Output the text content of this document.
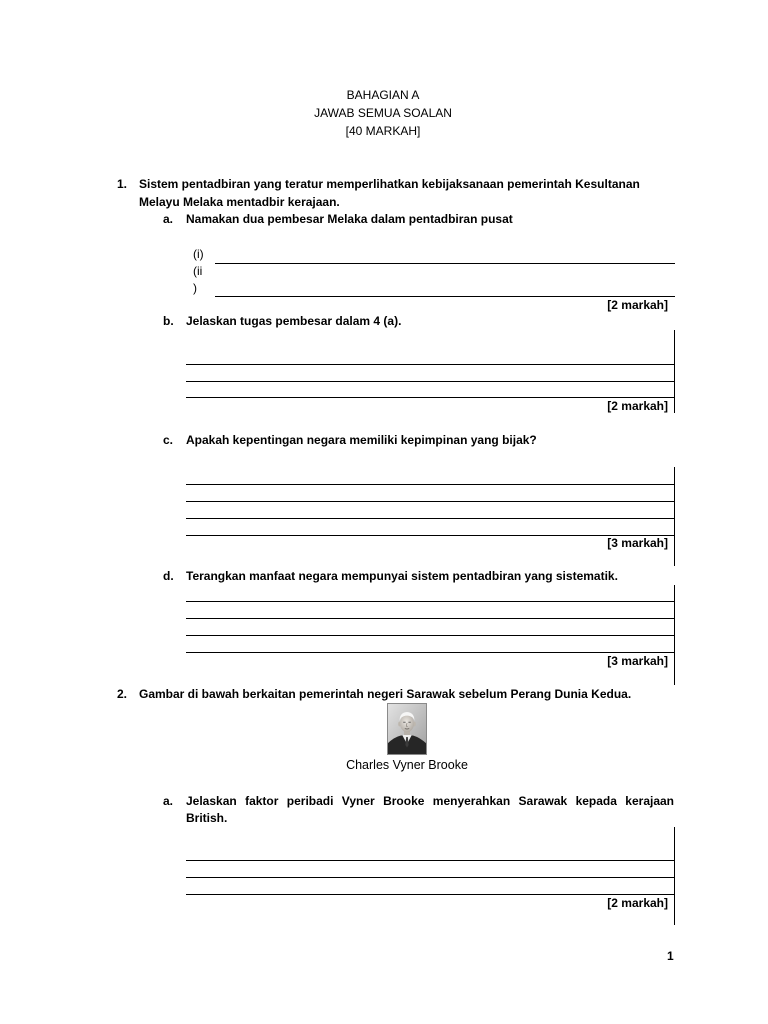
BAHAGIAN A
JAWAB SEMUA SOALAN
[40 MARKAH]
1. Sistem pentadbiran yang teratur memperlihatkan kebijaksanaan pemerintah Kesultanan
Melayu Melaka mentadbir kerajaan.
a. Namakan dua pembesar Melaka dalam pentadbiran pusat
(i)
(ii
)
[2 markah]
b. Jelaskan tugas pembesar dalam 4 (a).
[2 markah]
c. Apakah kepentingan negara memiliki kepimpinan yang bijak?
[3 markah]
d. Terangkan manfaat negara mempunyai sistem pentadbiran yang sistematik.
[3 markah]
2. Gambar di bawah berkaitan pemerintah negeri Sarawak sebelum Perang Dunia Kedua.
Charles Vyner Brooke
a. Jelaskan faktor peribadi Vyner Brooke menyerahkan Sarawak kepada kerajaan
British.
[2 markah]
1
